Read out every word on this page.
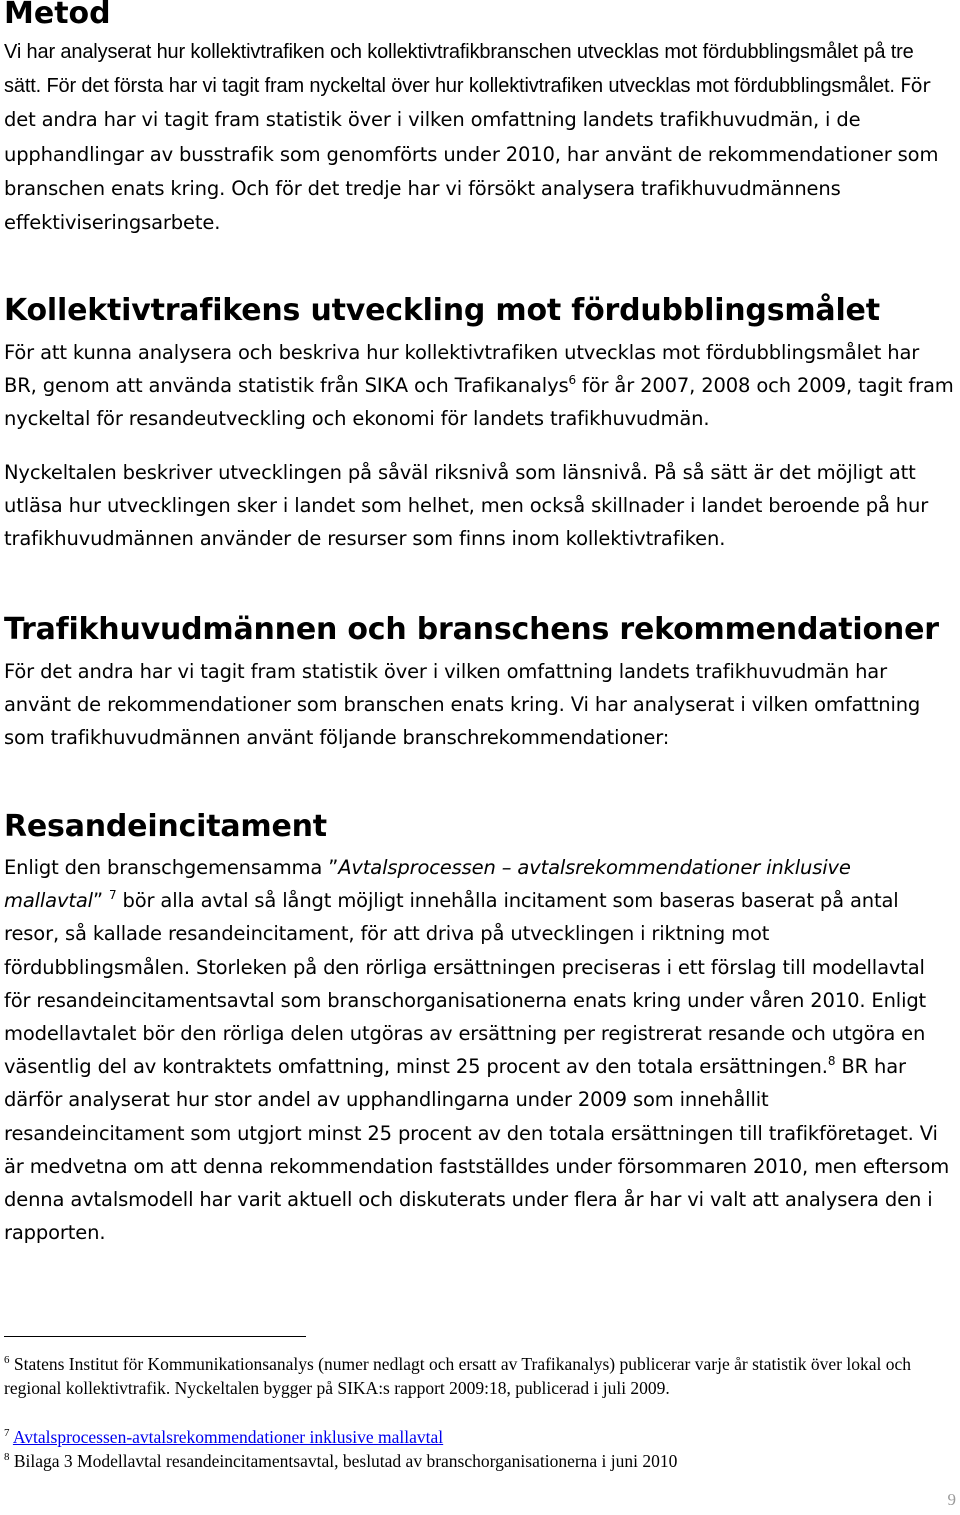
Metod

Vi har analyserat hur kollektivtrafiken och kollektivtrafikbranschen utvecklas mot fördubblingsmålet på tre sätt. För det första har vi tagit fram nyckeltal över hur kollektivtrafiken utvecklas mot fördubblingsmålet. För det andra har vi tagit fram statistik över i vilken omfattning landets trafikhuvudmän, i de upphandlingar av busstrafik som genomförts under 2010, har använt de rekommendationer som branschen enats kring. Och för det tredje har vi försökt analysera trafikhuvudmännens effektiviseringsarbete.

Kollektivtrafikens utveckling mot fördubblingsmålet

För att kunna analysera och beskriva hur kollektivtrafiken utvecklas mot fördubblingsmålet har BR, genom att använda statistik från SIKA och Trafikanalys$^6$ för år 2007, 2008 och 2009, tagit fram nyckeltal för resandeutveckling och ekonomi för landets trafikhuvudmän.

Nyckeltalen beskriver utvecklingen på såväl riksnivå som länsnivå. På så sätt är det möjligt att utläsa hur utvecklingen sker i landet som helhet, men också skillnader i landet beroende på hur trafikhuvudmännen använder de resurser som finns inom kollektivtrafiken.

Trafikhuvudmännen och branschens rekommendationer

För det andra har vi tagit fram statistik över i vilken omfattning landets trafikhuvudmän har använt de rekommendationer som branschen enats kring. Vi har analyserat i vilken omfattning som trafikhuvudmännen använt följande branschrekommendationer:

Resandeincitament

Enligt den branschgemensamma ”Avtalsprocessen – avtalsrekommendationer inklusive mallavtal” $^7$ bör alla avtal så långt möjligt innehålla incitament som baseras baserat på antal resor, så kallade resandeincitament, för att driva på utvecklingen i riktning mot fördubblingsmålen. Storleken på den rörliga ersättningen preciseras i ett förslag till modellavtal för resandeincitamentsavtal som branschorganisationerna enats kring under våren 2010. Enligt modellavtalet bör den rörliga delen utgöras av ersättning per registrerat resande och utgöra en väsentlig del av kontraktets omfattning, minst 25 procent av den totala ersättningen.$^8$ BR har därför analyserat hur stor andel av upphandlingarna under 2009 som innehållit resandeincitament som utgjort minst 25 procent av den totala ersättningen till trafikföretaget. Vi är medvetna om att denna rekommendation fastställdes under försommaren 2010, men eftersom denna avtalsmodell har varit aktuell och diskuterats under flera år har vi valt att analysera den i rapporten.

$^6$ Statens Institut för Kommunikationsanalys (numer nedlagt och ersatt av Trafikanalys) publicerar varje år statistik över lokal och regional kollektivtrafik. Nyckeltalen bygger på SIKA:s rapport 2009:18, publicerad i juli 2009.

$^7$ Avtalsprocessen-avtalsrekommendationer inklusive mallavtal

$^8$ Bilaga 3 Modellavtal resandeincitamentsavtal, beslutad av branschorganisationerna i juni 2010

9
